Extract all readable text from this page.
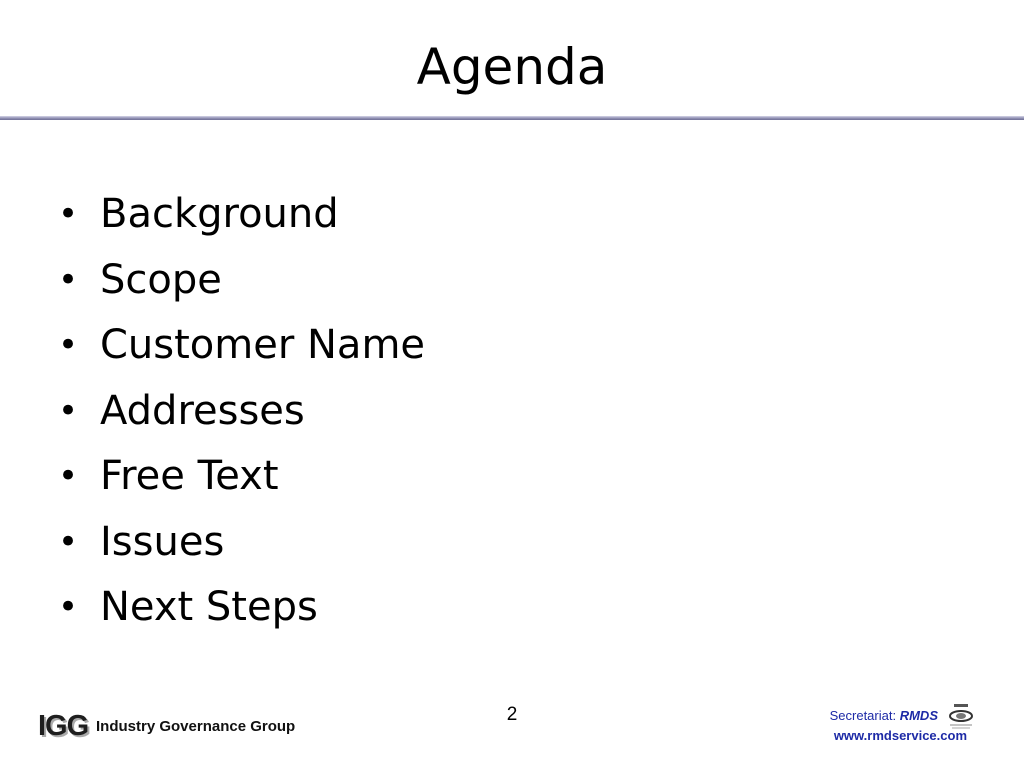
Agenda
• Background
• Scope
• Customer Name
• Addresses
• Free Text
• Issues
• Next Steps
2
IGG Industry Governance Group
Secretariat: RMDS
www.rmdservice.com
